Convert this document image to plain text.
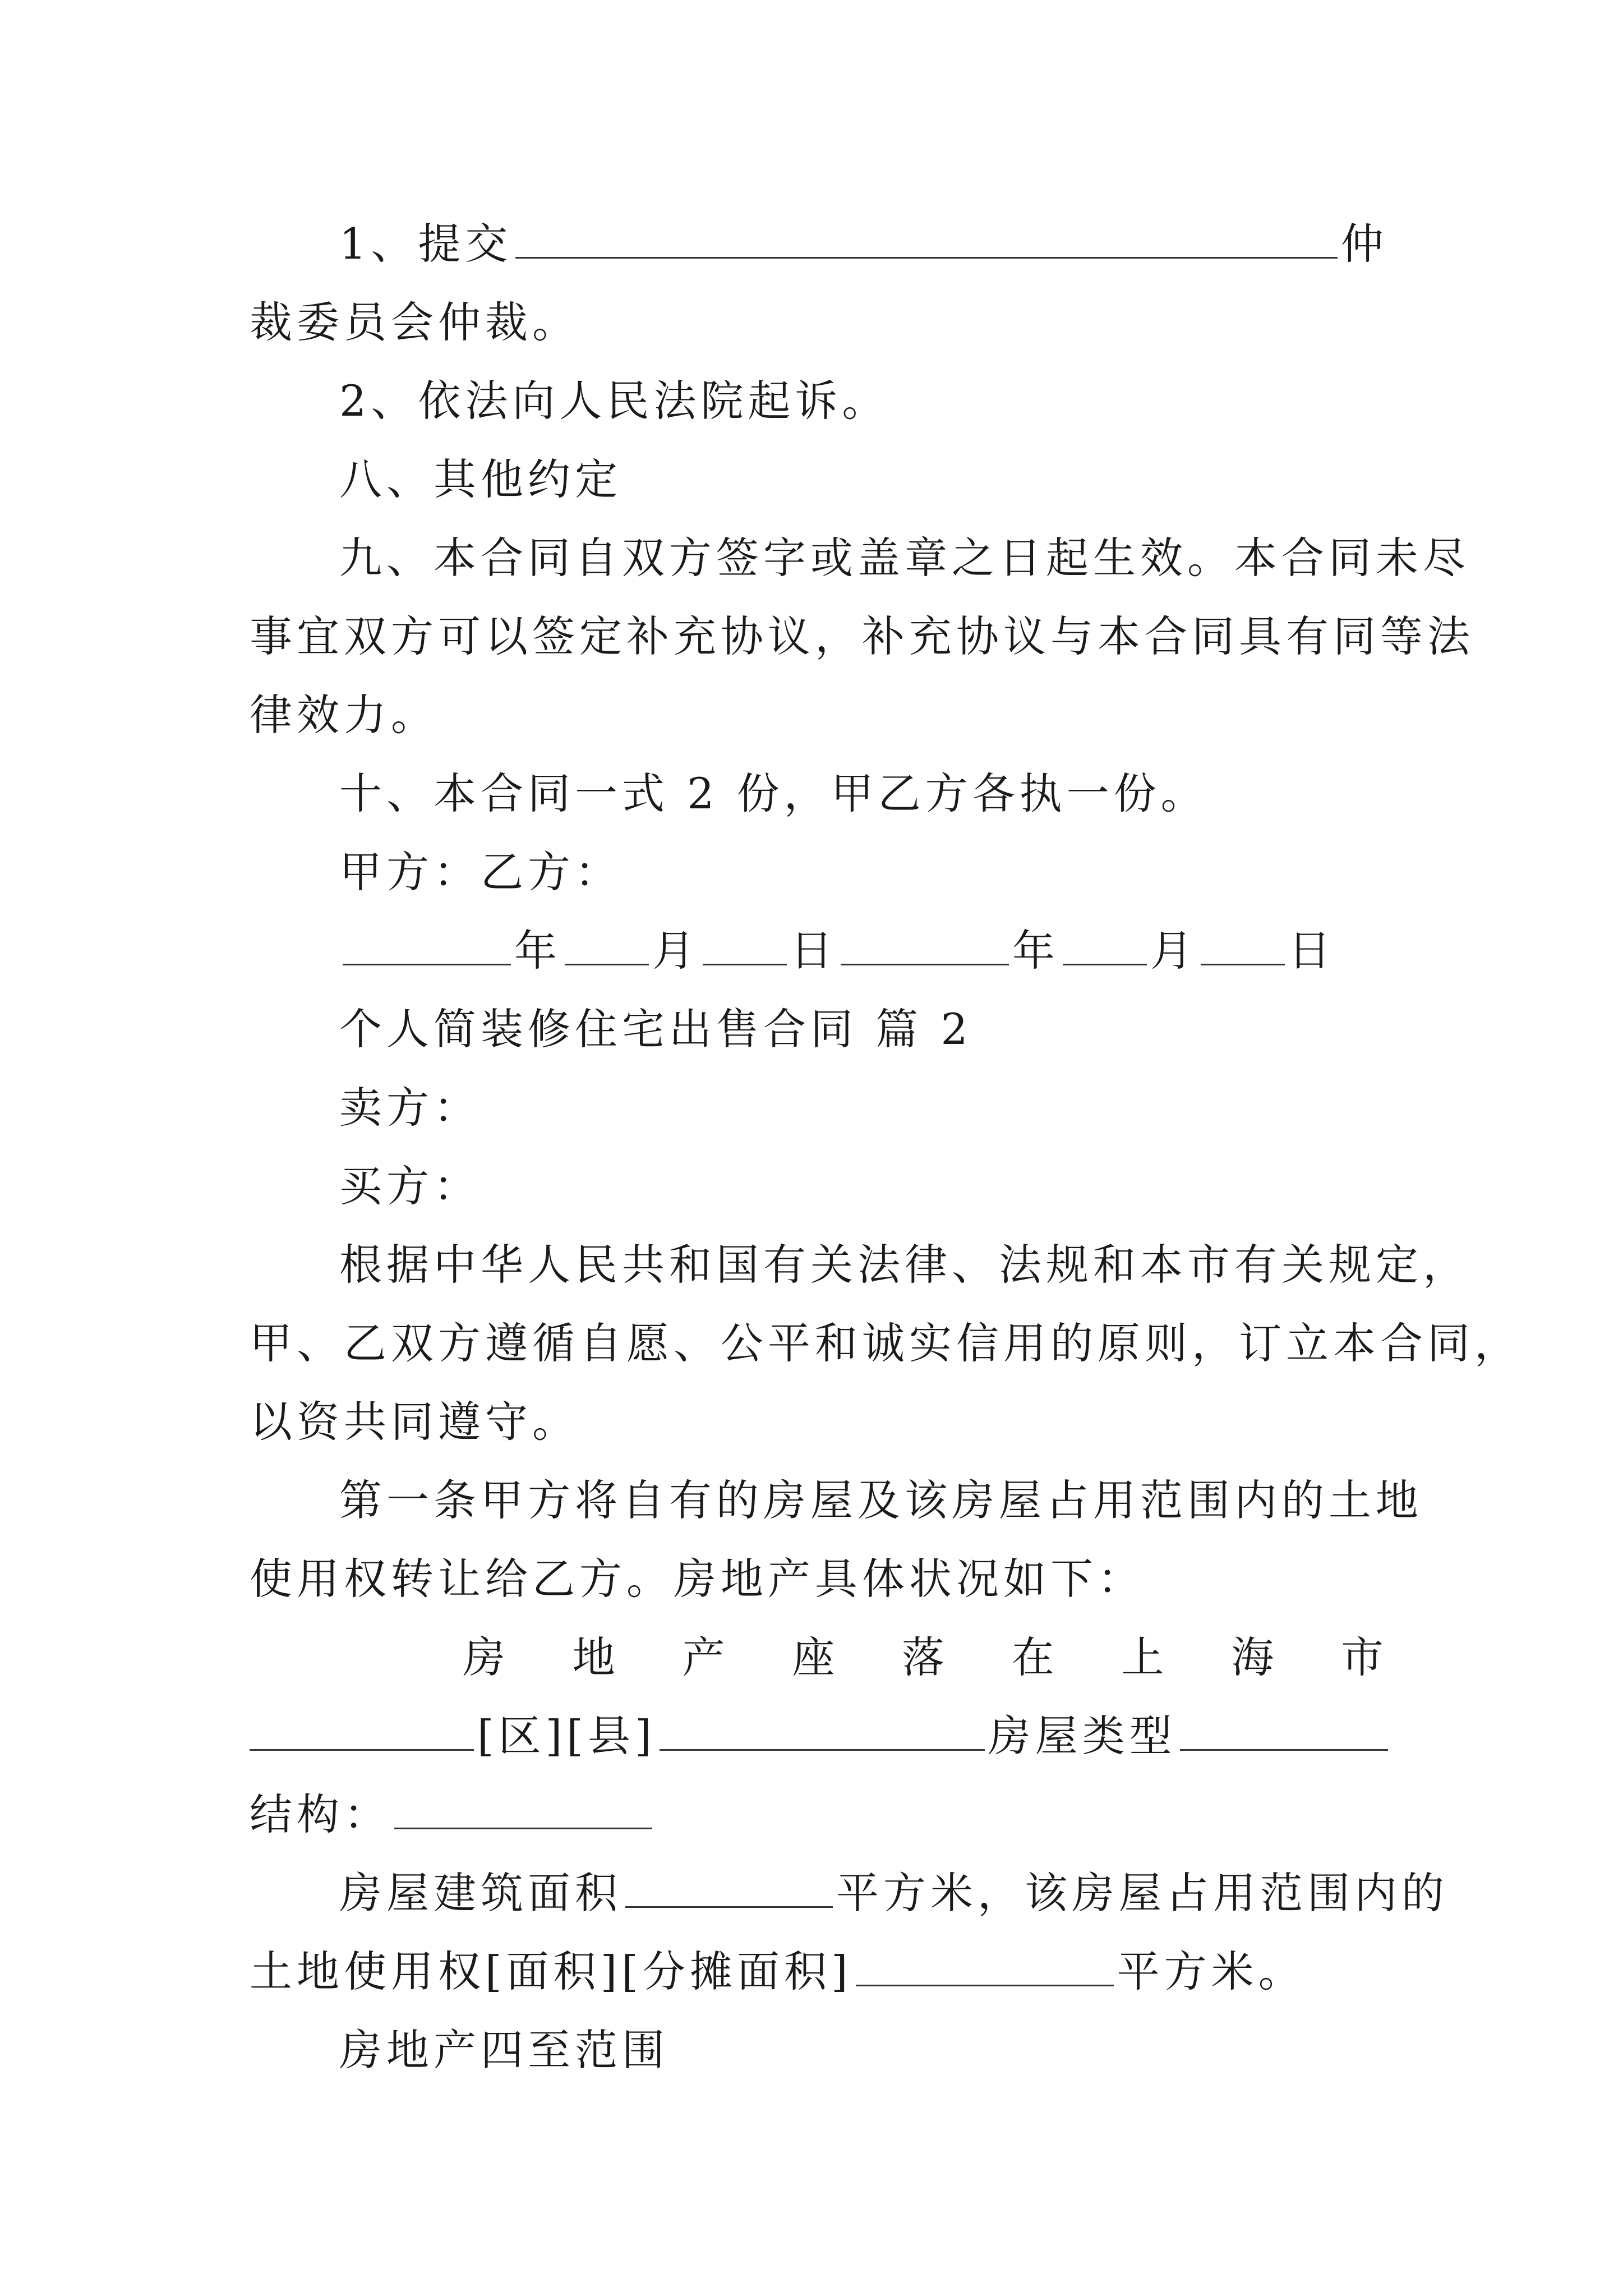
1、提交	仲
裁委员会仲裁。
2、依法向人民法院起诉。
八、其他约定
九、本合同自双方签字或盖章之日起生效。本合同未尽
事宜双方可以签定补充协议，补充协议与本合同具有同等法
律效力。
十、本合同一式 2 份，甲乙方各执一份。
甲方：乙方：
年 月 日	年 月 日
个人简装修住宅出售合同 篇 2
卖方：
买方：
根据中华人民共和国有关法律、法规和本市有关规定，
甲、乙双方遵循自愿、公平和诚实信用的原则，订立本合同，
以资共同遵守。
第一条甲方将自有的房屋及该房屋占用范围内的土地
使用权转让给乙方。房地产具体状况如下：
房 地 产 座 落 在 上 海 市
[区][县]	房屋类型
结构：
房屋建筑面积	平方米，该房屋占用范围内的
土地使用权[面积][分摊面积]	平方米。
房地产四至范围
